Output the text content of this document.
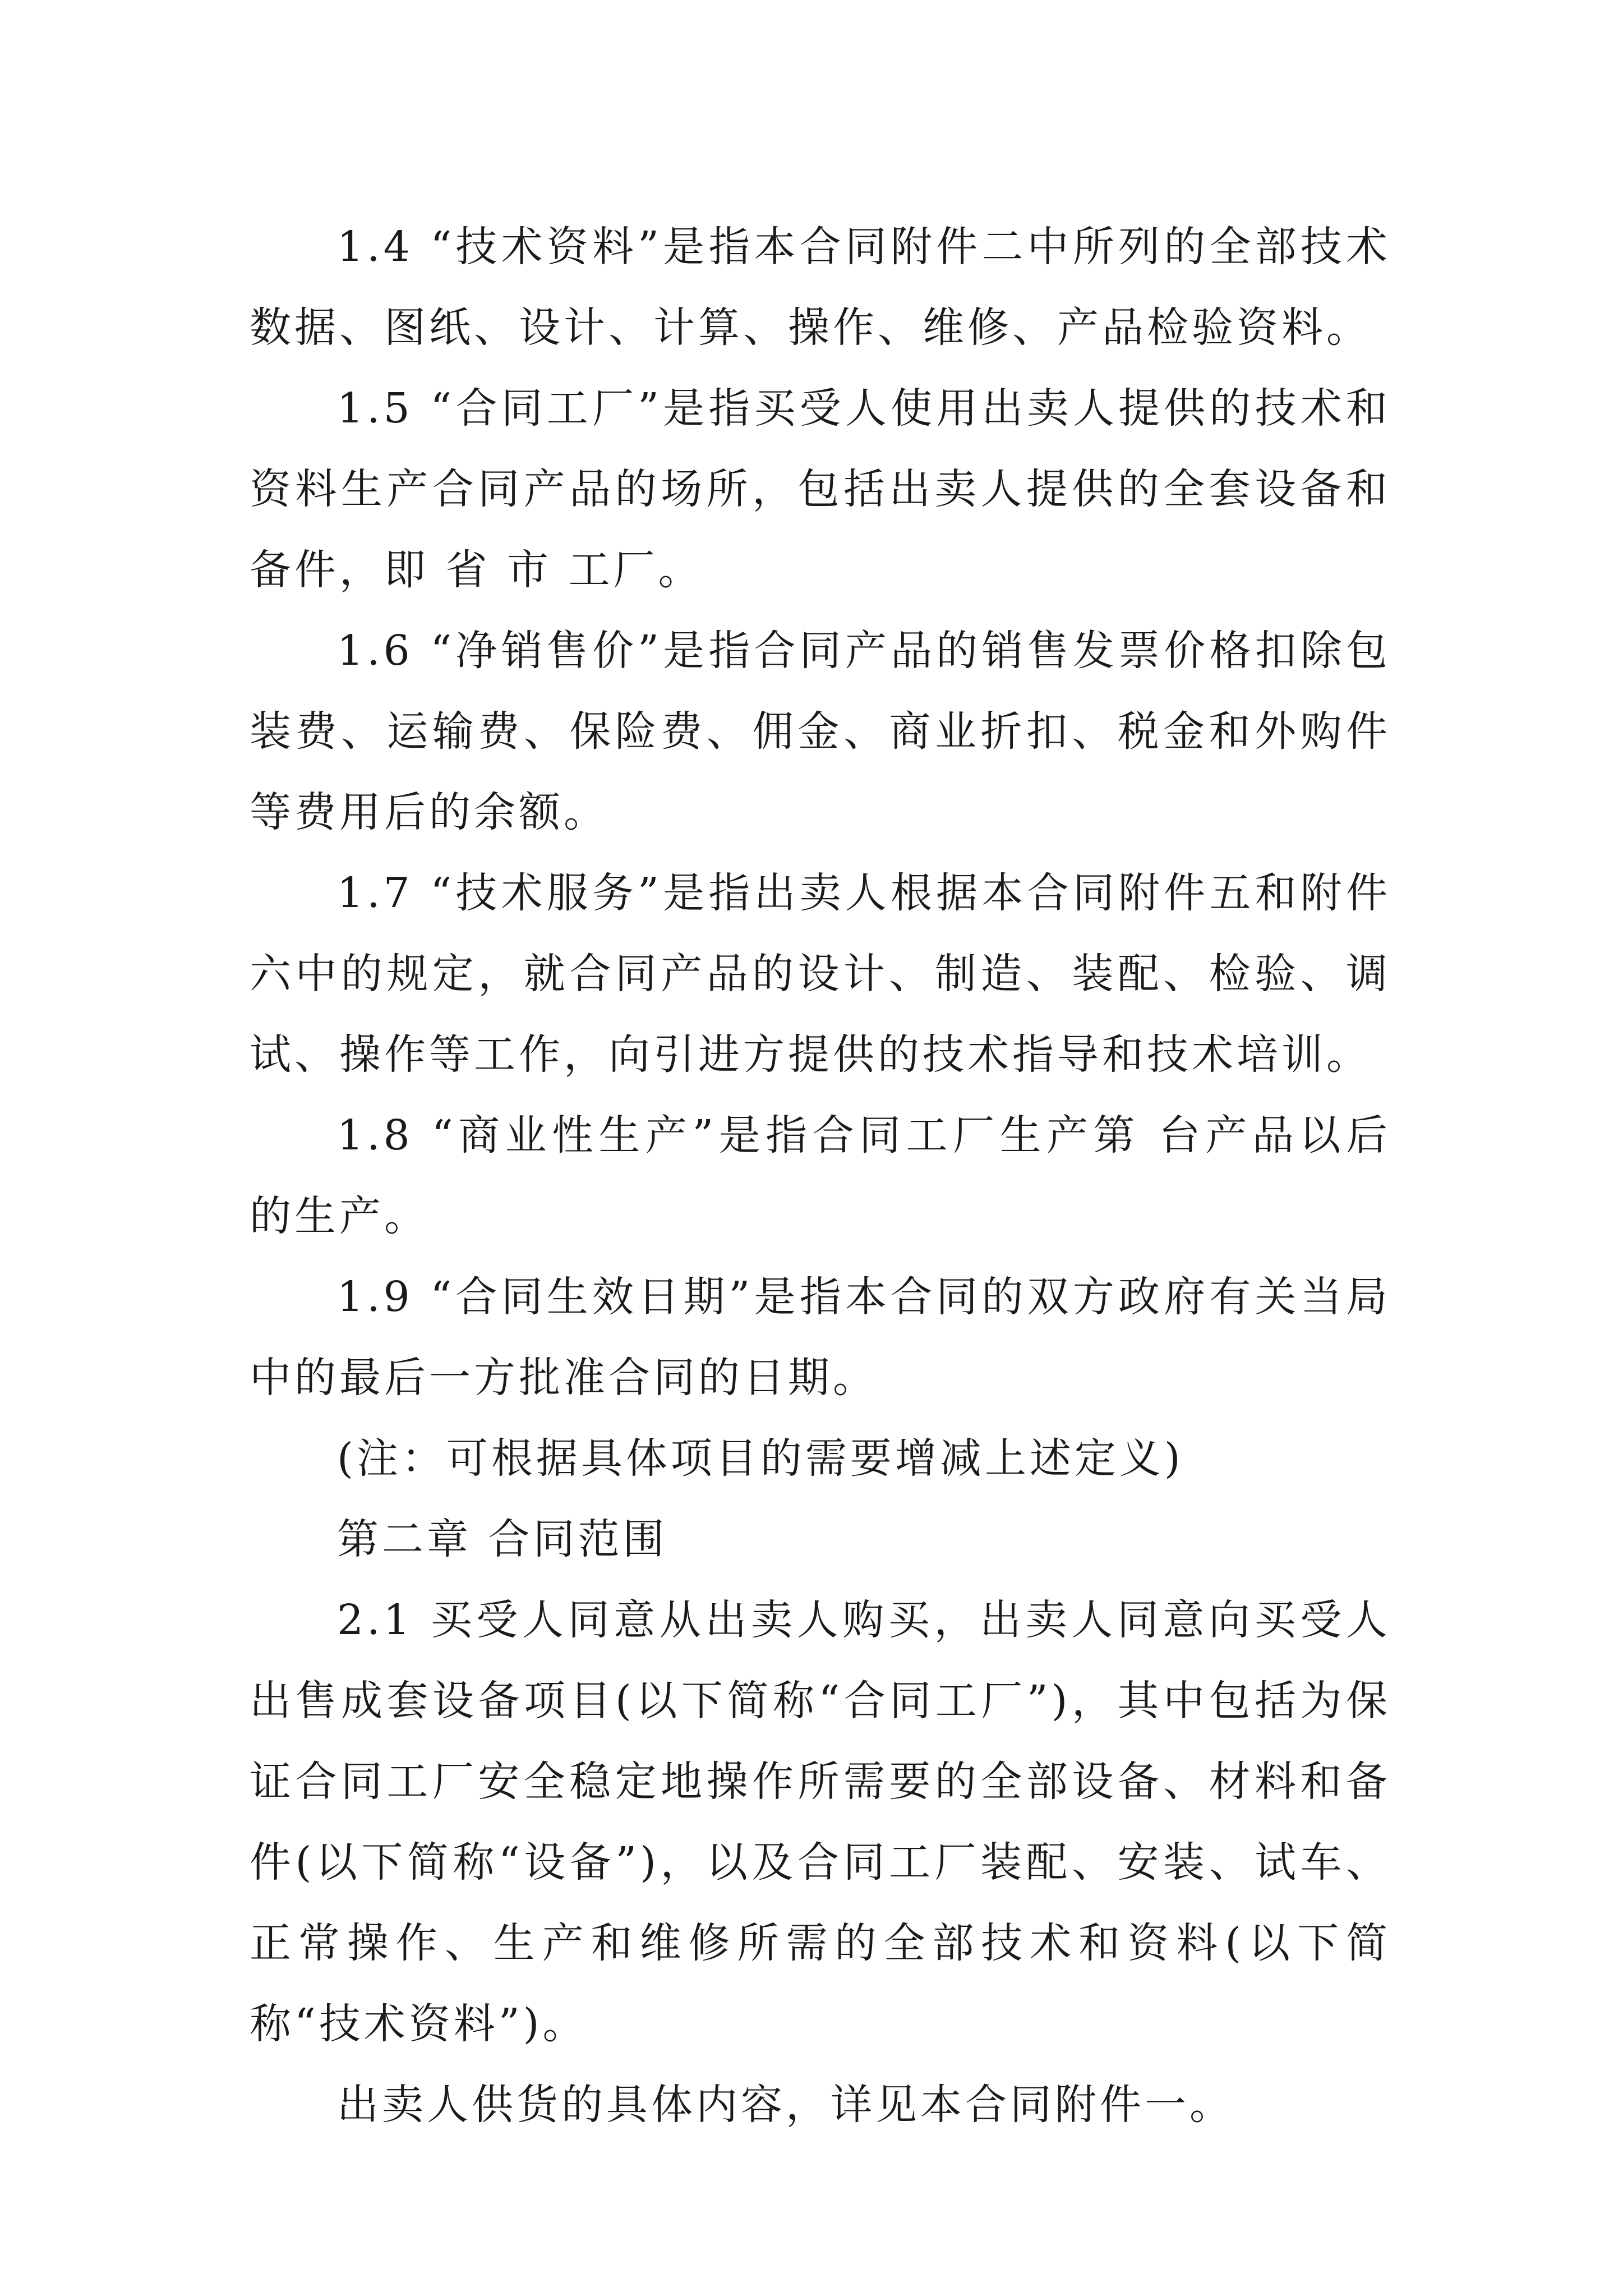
1.4 “技术资料”是指本合同附件二中所列的全部技术数据、图纸、设计、计算、操作、维修、产品检验资料。

1.5 “合同工厂”是指买受人使用出卖人提供的技术和资料生产合同产品的场所，包括出卖人提供的全套设备和备件，即 省 市 工厂。

1.6 “净销售价”是指合同产品的销售发票价格扣除包装费、运输费、保险费、佣金、商业折扣、税金和外购件等费用后的余额。

1.7 “技术服务”是指出卖人根据本合同附件五和附件六中的规定，就合同产品的设计、制造、装配、检验、调试、操作等工作，向引进方提供的技术指导和技术培训。

1.8 “商业性生产”是指合同工厂生产第 台产品以后的生产。

1.9 “合同生效日期”是指本合同的双方政府有关当局中的最后一方批准合同的日期。

(注：可根据具体项目的需要增减上述定义)

第二章 合同范围

2.1 买受人同意从出卖人购买，出卖人同意向买受人出售成套设备项目(以下简称“合同工厂”)，其中包括为保证合同工厂安全稳定地操作所需要的全部设备、材料和备件(以下简称“设备”)，以及合同工厂装配、安装、试车、正常操作、生产和维修所需的全部技术和资料(以下简称“技术资料”)。

出卖人供货的具体内容，详见本合同附件一。
